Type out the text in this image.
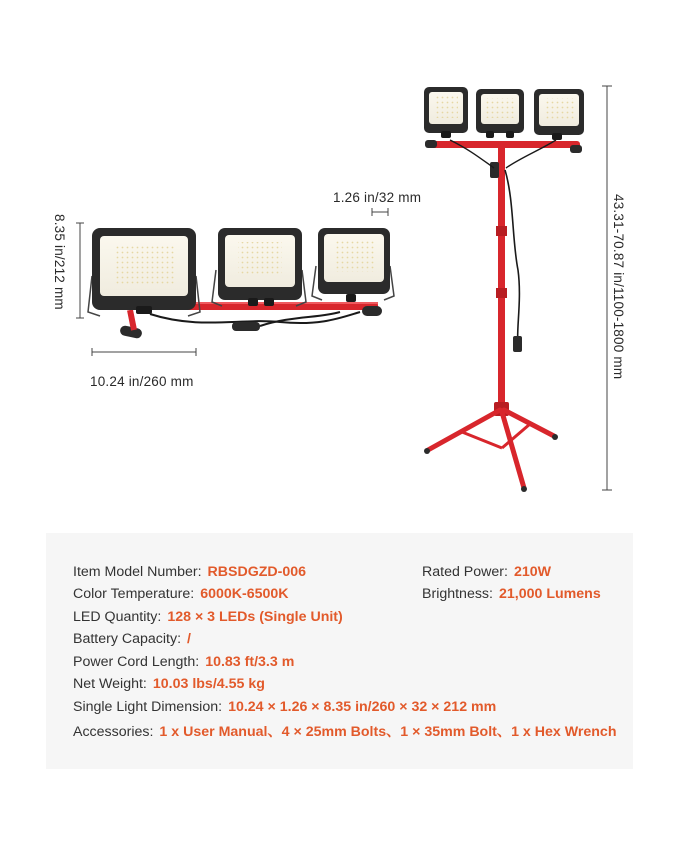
8.35 in/212 mm
1.26 in/32 mm
10.24 in/260 mm
43.31-70.87 in/1100-1800 mm
Item Model Number: RBSDGZD-006	Rated Power: 210W
Color Temperature: 6000K-6500K	Brightness: 21,000 Lumens
LED Quantity: 128 × 3 LEDs (Single Unit)
Battery Capacity: /
Power Cord Length: 10.83 ft/3.3 m
Net Weight: 10.03 lbs/4.55 kg
Single Light Dimension: 10.24 × 1.26 × 8.35 in/260 × 32 × 212 mm
Accessories: 1 x User Manual、4 × 25mm Bolts、1 × 35mm Bolt、1 x Hex Wrench
